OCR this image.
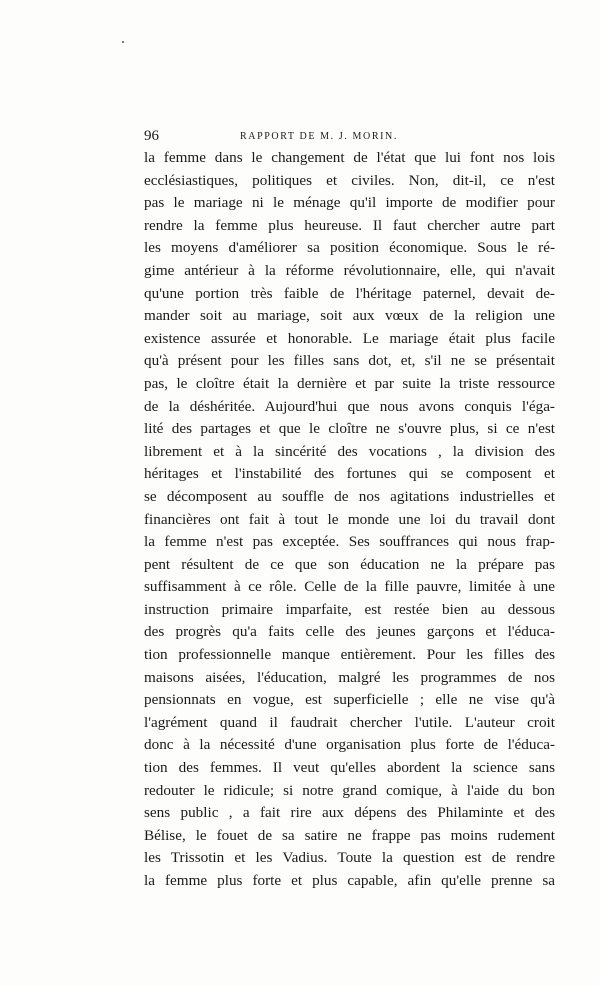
96	RAPPORT DE M. J. MORIN.
la femme dans le changement de l'état que lui font nos lois
ecclésiastiques, politiques et civiles. Non, dit-il, ce n'est
pas le mariage ni le ménage qu'il importe de modifier pour
rendre la femme plus heureuse. Il faut chercher autre part
les moyens d'améliorer sa position économique. Sous le ré-
gime antérieur à la réforme révolutionnaire, elle, qui n'avait
qu'une portion très faible de l'héritage paternel, devait de-
mander soit au mariage, soit aux vœux de la religion une
existence assurée et honorable. Le mariage était plus facile
qu'à présent pour les filles sans dot, et, s'il ne se présentait
pas, le cloître était la dernière et par suite la triste ressource
de la déshéritée. Aujourd'hui que nous avons conquis l'éga-
lité des partages et que le cloître ne s'ouvre plus, si ce n'est
librement et à la sincérité des vocations , la division des
héritages et l'instabilité des fortunes qui se composent et
se décomposent au souffle de nos agitations industrielles et
financières ont fait à tout le monde une loi du travail dont
la femme n'est pas exceptée. Ses souffrances qui nous frap-
pent résultent de ce que son éducation ne la prépare pas
suffisamment à ce rôle. Celle de la fille pauvre, limitée à une
instruction primaire imparfaite, est restée bien au dessous
des progrès qu'a faits celle des jeunes garçons et l'éduca-
tion professionnelle manque entièrement. Pour les filles des
maisons aisées, l'éducation, malgré les programmes de nos
pensionnats en vogue, est superficielle ; elle ne vise qu'à
l'agrément quand il faudrait chercher l'utile. L'auteur croit
donc à la nécessité d'une organisation plus forte de l'éduca-
tion des femmes. Il veut qu'elles abordent la science sans
redouter le ridicule; si notre grand comique, à l'aide du bon
sens public , a fait rire aux dépens des Philaminte et des
Bélise, le fouet de sa satire ne frappe pas moins rudement
les Trissotin et les Vadius. Toute la question est de rendre
la femme plus forte et plus capable, afin qu'elle prenne sa
